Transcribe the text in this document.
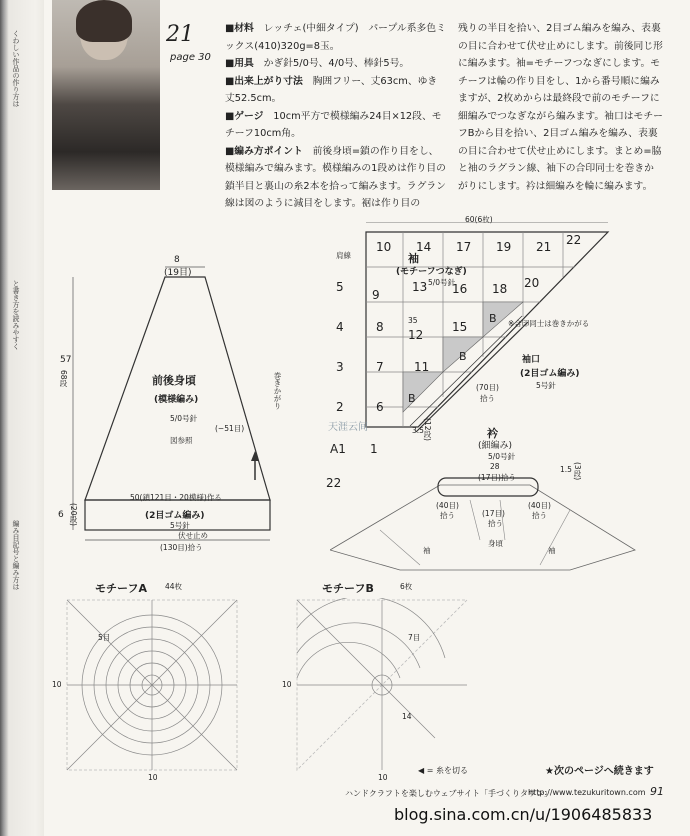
くわしい作品の作り方は
と書き方を読みやすく
編み目記号と編み方は
21
page 30

■材料　 レッチェ(中細タイプ)　パープル系多色ミックス(410)320g=8玉。

■用具　 かぎ針5/0号、4/0号、棒針5号。

■出来上がり寸法　 胸囲フリー、丈63cm、ゆき丈52.5cm。

■ゲージ　 10cm平方で模様編み24目×12段、モチーフ10cm角。

■編み方ポイント　 前後身頃=鎖の作り目をし、模様編みで編みます。模様編みの1段めは作り目の鎖半目と裏山の糸2本を拾って編みます。ラグラン線は図のように減目をします。裾は作り目の

残りの半目を拾い、2目ゴム編みを編み、表裏の目に合わせて伏せ止めにします。前後同じ形に編みます。袖=モチーフつなぎにします。モチーフは輪の作り目をし、1から番号順に編みますが、2枚めからは最終段で前のモチーフに細編みでつなぎながら編みます。袖口はモチーフBから目を拾い、2目ゴム編みを編み、表裏の目に合わせて伏せ止めにします。まとめ=脇と袖のラグラン線、袖下の合印同士を巻きかがりにします。衿は細編みを輪に編みます。

8
(19目)
57
68段	前後身頃
(模様編み)
5/0号針
(−51目)
図参照
巻きかがり
50(鎖121目・20模様)作る
(2目ゴム編み)
5号針
伏せ止め
(130目)拾う
6 (20段)
60(6枚)
肩線	袖
(モチーフつなぎ)
5/0号針
35	※合印同士は巻きかがる
袖口
(2目ゴム編み)
5号針
(70目)
拾う
3.5 (12段)
10 14 17 19 21 22
5
9
13 16 18 20
4	8
12
15
B
3	7	11
B
2	6
B
A1 1
22
衿
(細編み)
5/0号針
28
(17目)拾う
1.5 (3段)
(40目)
拾う
(40目)
拾う
(17目)
拾う
袖
身頃
袖
天涯云间
モチーフA 44枚
10
10
5目
モチーフB	6枚
10
10
14
7目
◀ = 糸を切る	★次のページへ続きます
ハンドクラフトを楽しむウェブサイト「手づくりタウン」
http://www.tezukuritown.com 91
blog.sina.com.cn/u/1906485833
